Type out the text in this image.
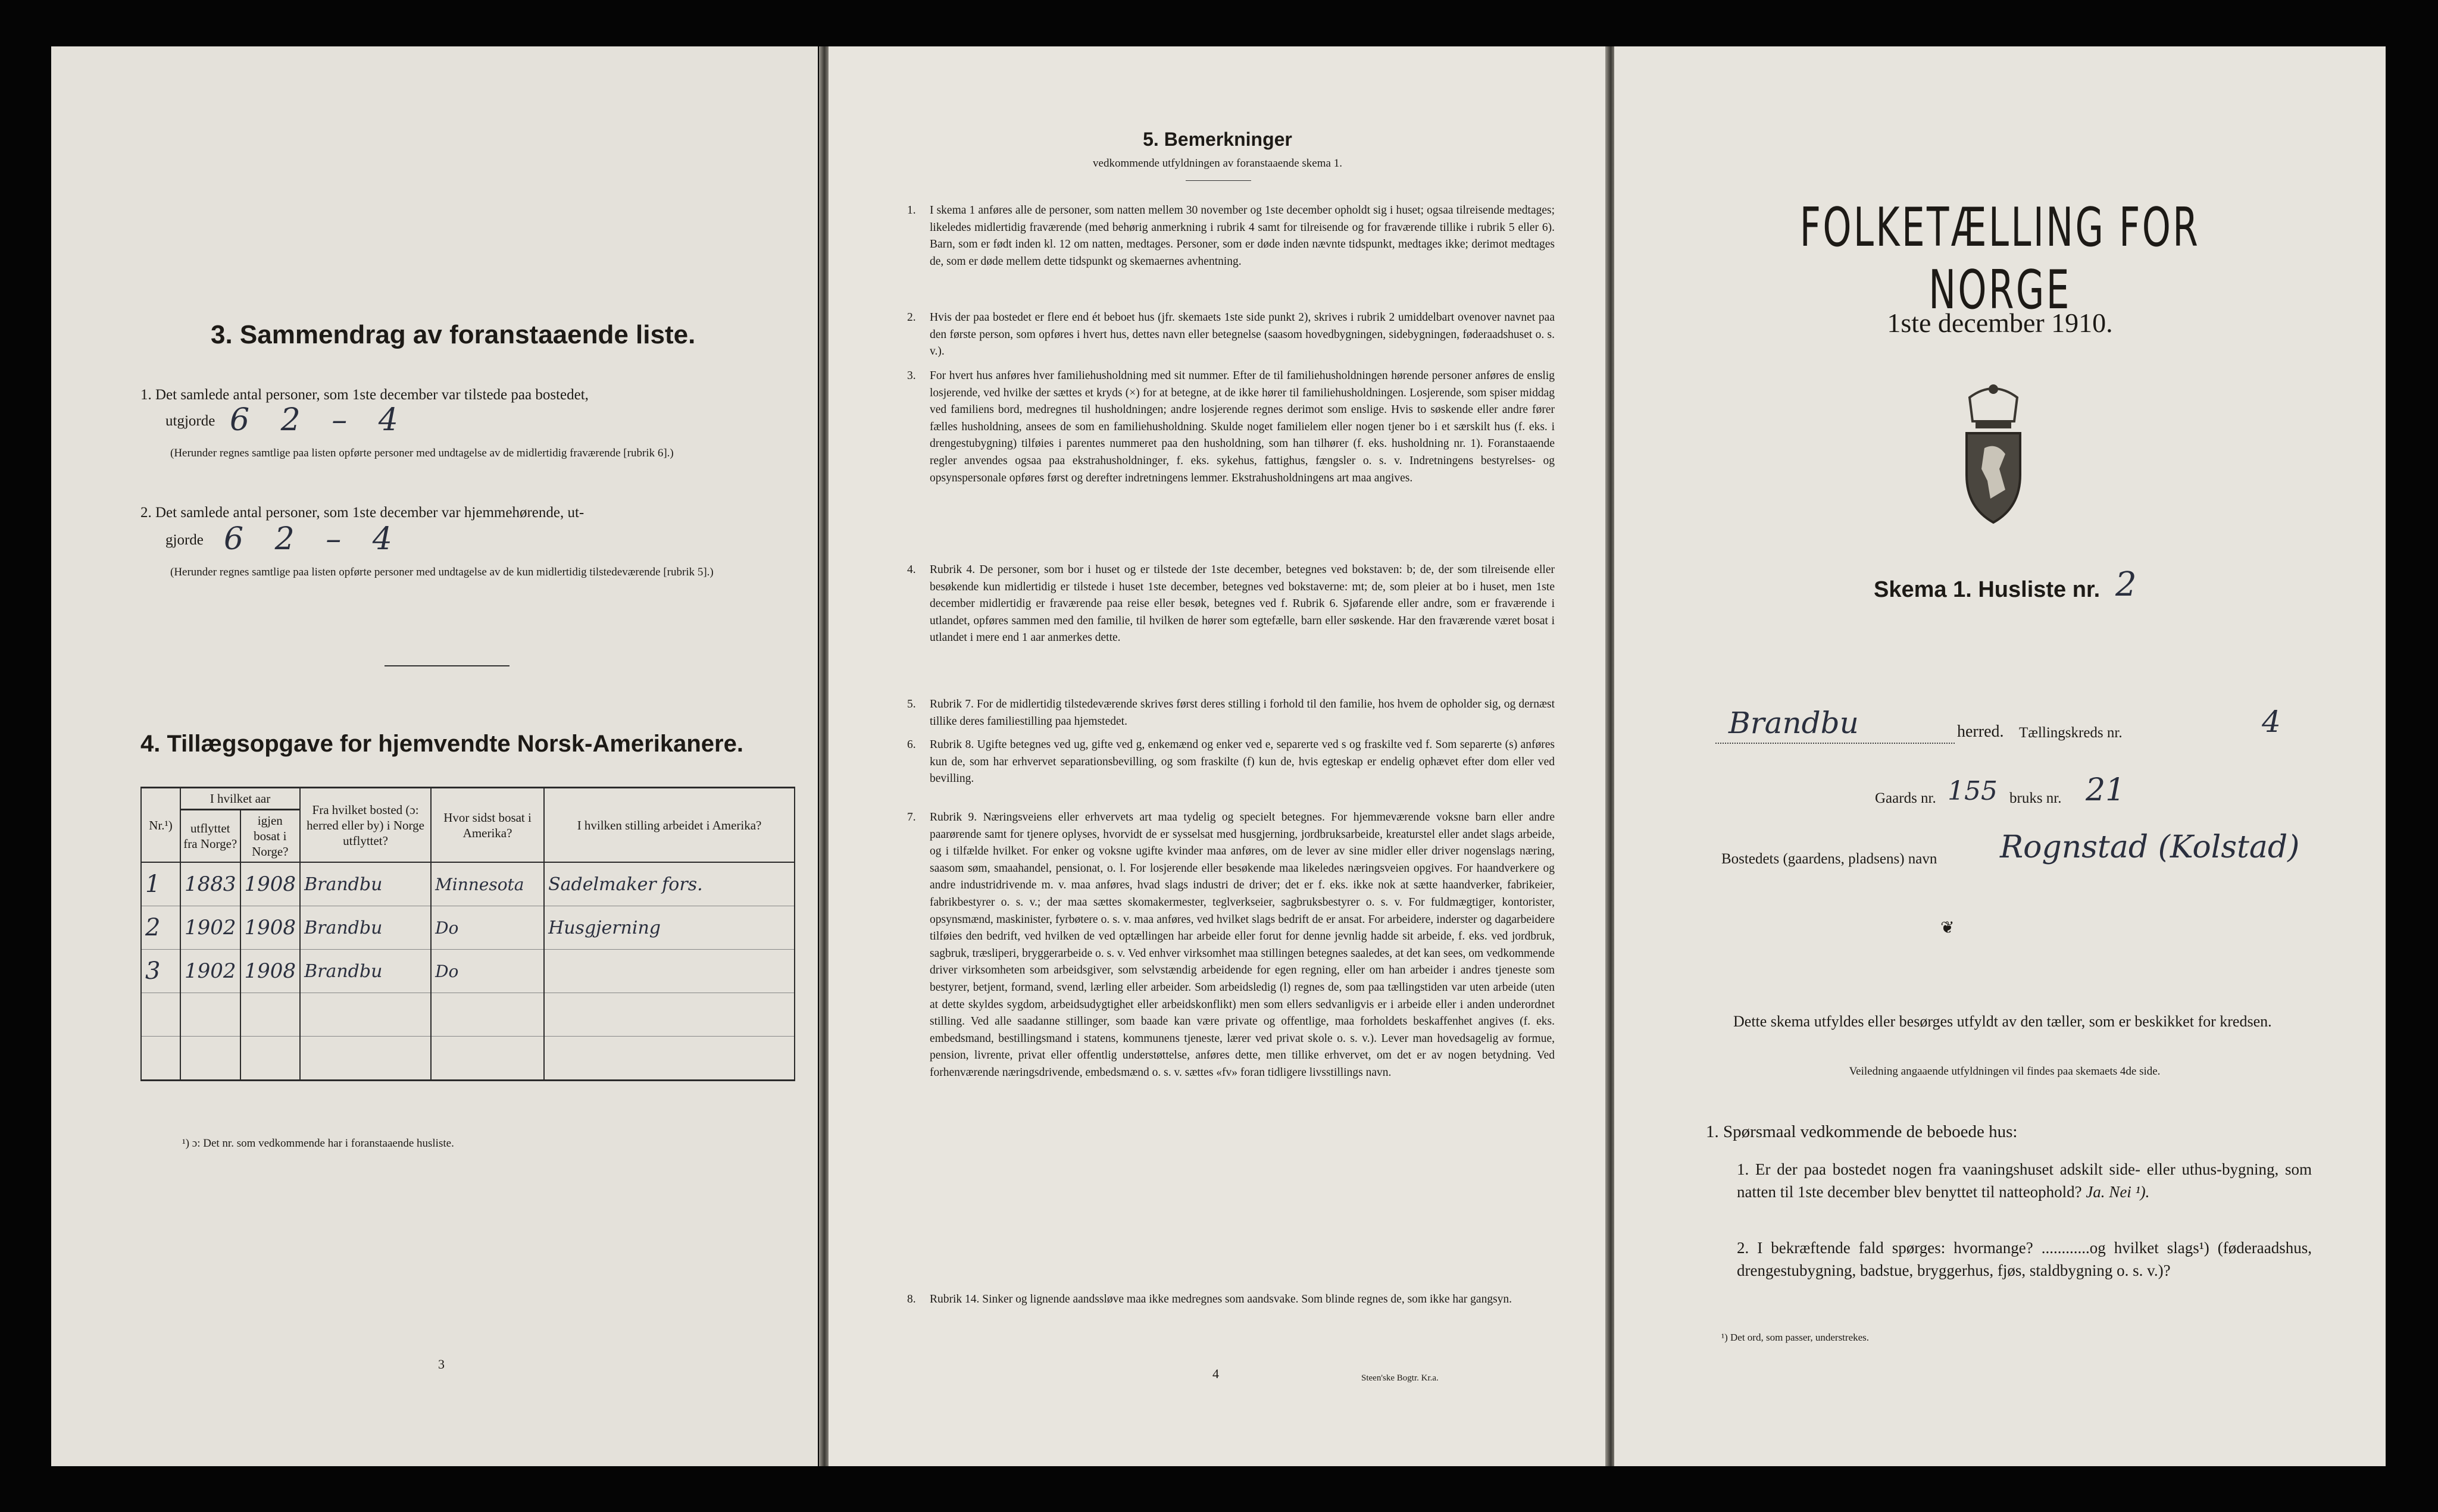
3. Sammendrag av foranstaaende liste.
1. Det samlede antal personer, som 1ste december var tilstede paa bostedet,
utgjorde 6 2 – 4
(Herunder regnes samtlige paa listen opførte personer med undtagelse av de midlertidig fraværende [rubrik 6].)
2. Det samlede antal personer, som 1ste december var hjemmehørende, ut-
gjorde 6 2 – 4
(Herunder regnes samtlige paa listen opførte personer med undtagelse av de kun midlertidig tilstedeværende [rubrik 5].)
4. Tillægsopgave for hjemvendte Norsk-Amerikanere.
Nr.¹)	I hvilket aar		Fra hvilket bosted (ɔ: herred eller by) i Norge utflyttet?	Hvor sidst bosat i Amerika?	I hvilken stilling arbeidet i Amerika?
	utflyttet fra Norge?	igjen bosat i Norge?			
1	1883	1908	Brandbu	Minnesota	Sadelmaker fors.
2	1902	1908	Brandbu	Do	Husgjerning
3	1902	1908	Brandbu	Do	

¹) ɔ: Det nr. som vedkommende har i foranstaaende husliste.
3
5. Bemerkninger
vedkommende utfyldningen av foranstaaende skema 1.
1. I skema 1 anføres alle de personer, som natten mellem 30 november og 1ste december opholdt sig i huset; ogsaa tilreisende medtages; likeledes midlertidig fraværende (med behørig anmerkning i rubrik 4 samt for tilreisende og for fraværende tillike i rubrik 5 eller 6). Barn, som er født inden kl. 12 om natten, medtages. Personer, som er døde inden nævnte tidspunkt, medtages ikke; derimot medtages de, som er døde mellem dette tidspunkt og skemaernes avhentning.
2. Hvis der paa bostedet er flere end ét beboet hus (jfr. skemaets 1ste side punkt 2), skrives i rubrik 2 umiddelbart ovenover navnet paa den første person, som opføres i hvert hus, dettes navn eller betegnelse (saasom hovedbygningen, sidebygningen, føderaadshuset o. s. v.).
3. For hvert hus anføres hver familiehusholdning med sit nummer. Efter de til familiehusholdningen hørende personer anføres de enslig losjerende, ved hvilke der sættes et kryds (×) for at betegne, at de ikke hører til familiehusholdningen. Losjerende, som spiser middag ved familiens bord, medregnes til husholdningen; andre losjerende regnes derimot som enslige. Hvis to søskende eller andre fører fælles husholdning, ansees de som en familiehusholdning. Skulde noget familielem eller nogen tjener bo i et særskilt hus (f. eks. i drengestubygning) tilføies i parentes nummeret paa den husholdning, som han tilhører (f. eks. husholdning nr. 1). Foranstaaende regler anvendes ogsaa paa ekstrahusholdninger, f. eks. sykehus, fattighus, fængsler o. s. v. Indretningens bestyrelses- og opsynspersonale opføres først og derefter indretningens lemmer. Ekstrahusholdningens art maa angives.
4. Rubrik 4. De personer, som bor i huset og er tilstede der 1ste december, betegnes ved bokstaven: b; de, der som tilreisende eller besøkende kun midlertidig er tilstede i huset 1ste december, betegnes ved bokstaverne: mt; de, som pleier at bo i huset, men 1ste december midlertidig er fraværende paa reise eller besøk, betegnes ved f. Rubrik 6. Sjøfarende eller andre, som er fraværende i utlandet, opføres sammen med den familie, til hvilken de hører som egtefælle, barn eller søskende. Har den fraværende været bosat i utlandet i mere end 1 aar anmerkes dette.
5. Rubrik 7. For de midlertidig tilstedeværende skrives først deres stilling i forhold til den familie, hos hvem de opholder sig, og dernæst tillike deres familiestilling paa hjemstedet.
6. Rubrik 8. Ugifte betegnes ved ug, gifte ved g, enkemænd og enker ved e, separerte ved s og fraskilte ved f. Som separerte (s) anføres kun de, som har erhvervet separationsbevilling, og som fraskilte (f) kun de, hvis egteskap er endelig ophævet efter dom eller ved bevilling.
7. Rubrik 9. Næringsveiens eller erhvervets art maa tydelig og specielt betegnes. For hjemmeværende voksne barn eller andre paarørende samt for tjenere oplyses, hvorvidt de er sysselsat med husgjerning, jordbruksarbeide, kreaturstel eller andet slags arbeide, og i tilfælde hvilket. For enker og voksne ugifte kvinder maa anføres, om de lever av sine midler eller driver nogenslags næring, saasom søm, smaahandel, pensionat, o. l. For losjerende eller besøkende maa likeledes næringsveien opgives. For haandverkere og andre industridrivende m. v. maa anføres, hvad slags industri de driver; det er f. eks. ikke nok at sætte haandverker, fabrikeier, fabrikbestyrer o. s. v.; der maa sættes skomakermester, teglverkseier, sagbruksbestyrer o. s. v. For fuldmægtiger, kontorister, opsynsmænd, maskinister, fyrbøtere o. s. v. maa anføres, ved hvilket slags bedrift de er ansat. For arbeidere, inderster og dagarbeidere tilføies den bedrift, ved hvilken de ved optællingen har arbeide eller forut for denne jevnlig hadde sit arbeide, f. eks. ved jordbruk, sagbruk, træsliperi, bryggerarbeide o. s. v. Ved enhver virksomhet maa stillingen betegnes saaledes, at det kan sees, om vedkommende driver virksomheten som arbeidsgiver, som selvstændig arbeidende for egen regning, eller om han arbeider i andres tjeneste som bestyrer, betjent, formand, svend, lærling eller arbeider. Som arbeidsledig (l) regnes de, som paa tællingstiden var uten arbeide (uten at dette skyldes sygdom, arbeidsudygtighet eller arbeidskonflikt) men som ellers sedvanligvis er i arbeide eller i anden underordnet stilling. Ved alle saadanne stillinger, som baade kan være private og offentlige, maa forholdets beskaffenhet angives (f. eks. embedsmand, bestillingsmand i statens, kommunens tjeneste, lærer ved privat skole o. s. v.). Lever man hovedsagelig av formue, pension, livrente, privat eller offentlig understøttelse, anføres dette, men tillike erhvervet, om det er av nogen betydning. Ved forhenværende næringsdrivende, embedsmænd o. s. v. sættes «fv» foran tidligere livsstillings navn.
8. Rubrik 14. Sinker og lignende aandssløve maa ikke medregnes som aandsvake. Som blinde regnes de, som ikke har gangsyn.
4	Steen'ske Bogtr. Kr.a.
FOLKETÆLLING FOR NORGE
1ste december 1910.
Skema 1. Husliste nr. 2
Brandbu	herred. Tællingskreds nr.	4
Gaards nr. 155 bruks nr. 21
Bostedets (gaardens, pladsens) navn Rognstad (Kolstad)
❦
Dette skema utfyldes eller besørges utfyldt av den tæller, som er beskikket for kredsen.
Veiledning angaaende utfyldningen vil findes paa skemaets 4de side.
1. Spørsmaal vedkommende de beboede hus:
1. Er der paa bostedet nogen fra vaaningshuset adskilt side- eller uthus-bygning, som natten til 1ste december blev benyttet til natteophold? Ja. Nei ¹).
2. I bekræftende fald spørges: hvormange? ............og hvilket slags¹) (føderaadshus, drengestubygning, badstue, bryggerhus, fjøs, staldbygning o. s. v.)?
¹) Det ord, som passer, understrekes.
